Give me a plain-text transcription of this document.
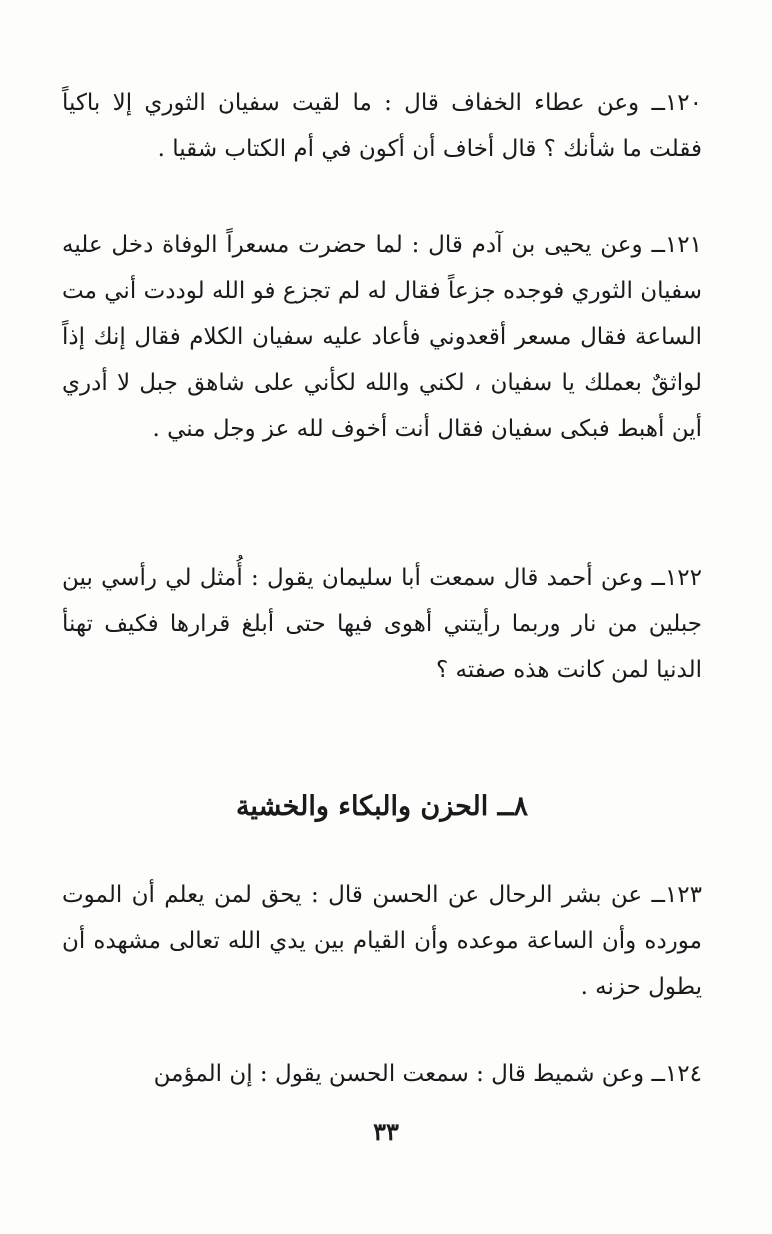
١٢٠ــ وعن عطاء الخفاف قال : ما لقيت سفيان الثوري إلا باكياً فقلت ما شأنك ؟ قال أخاف أن أكون في أم الكتاب شقيا .
١٢١ــ وعن يحيى بن آدم قال : لما حضرت مسعراً الوفاة دخل عليه سفيان الثوري فوجده جزعاً فقال له لم تجزع فو الله لوددت أني مت الساعة فقال مسعر أقعدوني فأعاد عليه سفيان الكلام فقال إنك إذاً لواثقٌ بعملك يا سفيان ، لكني والله لكأني على شاهق جبل لا أدري أين أهبط فبكى سفيان فقال أنت أخوف لله عز وجل مني .
١٢٢ــ وعن أحمد قال سمعت أبا سليمان يقول : أُمثل لي رأسي بين جبلين من نار وربما رأيتني أهوى فيها حتى أبلغ قرارها فكيف تهنأ الدنيا لمن كانت هذه صفته ؟
٨ــ الحزن والبكاء والخشية
١٢٣ــ عن بشر الرحال عن الحسن قال : يحق لمن يعلم أن الموت مورده وأن الساعة موعده وأن القيام بين يدي الله تعالى مشهده أن يطول حزنه .
١٢٤ــ وعن شميط قال : سمعت الحسن يقول : إن المؤمن
٣٣
